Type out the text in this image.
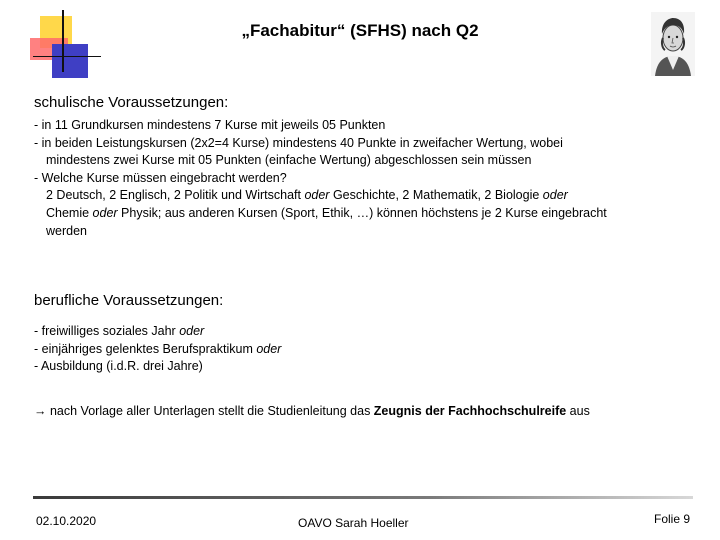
„Fachabitur“ (SFHS) nach Q2
schulische Voraussetzungen:
- in 11 Grundkursen mindestens 7 Kurse mit jeweils 05 Punkten
- in beiden Leistungskursen (2x2=4 Kurse) mindestens 40 Punkte in zweifacher Wertung, wobei
mindestens zwei Kurse mit 05 Punkten (einfache Wertung) abgeschlossen sein müssen
- Welche Kurse müssen eingebracht werden?
2 Deutsch, 2 Englisch, 2 Politik und Wirtschaft oder Geschichte, 2 Mathematik, 2 Biologie oder
Chemie oder Physik; aus anderen Kursen (Sport, Ethik, …) können höchstens je 2 Kurse eingebracht
werden
berufliche Voraussetzungen:
- freiwilliges soziales Jahr oder
- einjähriges gelenktes Berufspraktikum oder
- Ausbildung (i.d.R. drei Jahre)
→ nach Vorlage aller Unterlagen stellt die Studienleitung das Zeugnis der Fachhochschulreife aus
02.10.2020	OAVO Sarah Hoeller	Folie 9
